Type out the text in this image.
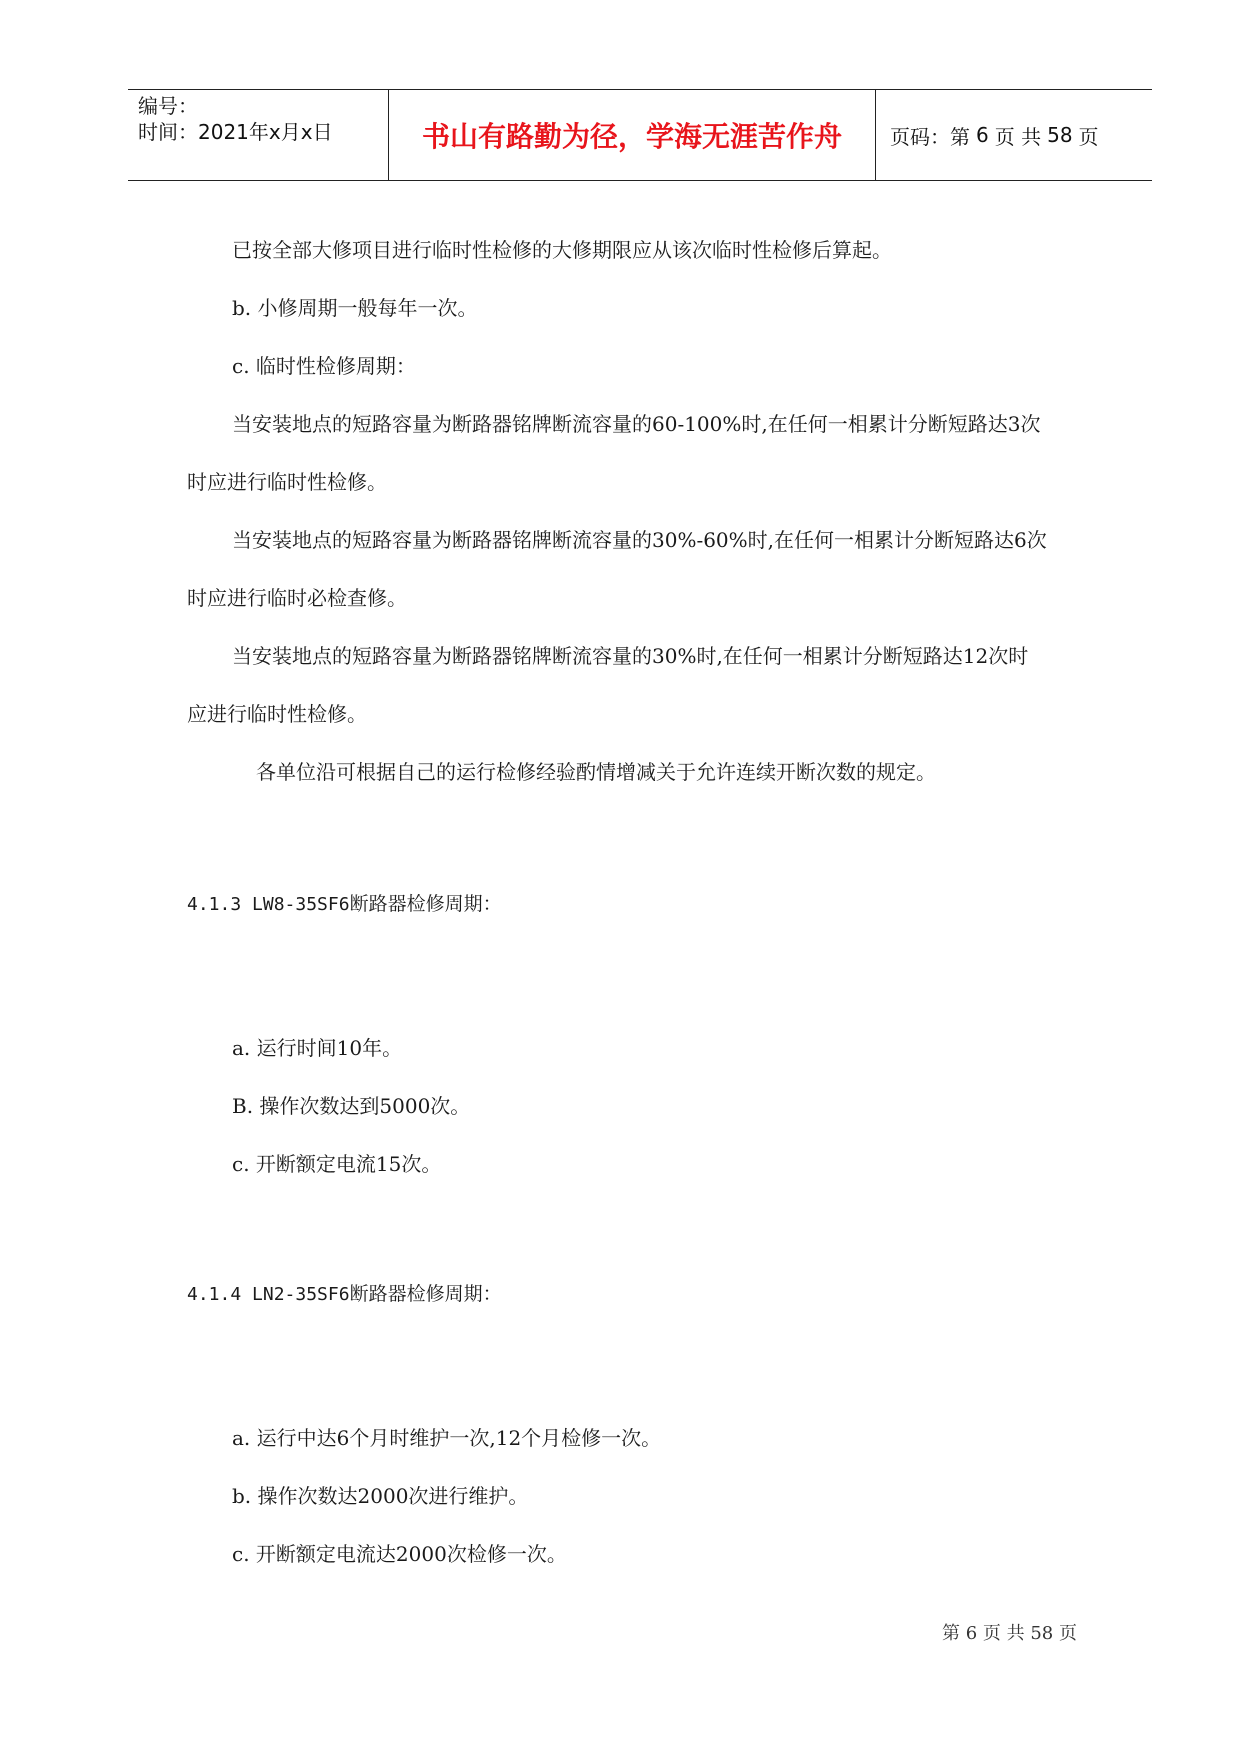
编号：
时间：2021年x月x日	书山有路勤为径，学海无涯苦作舟	页码：第 6 页 共 58 页
已按全部大修项目进行临时性检修的大修期限应从该次临时性检修后算起。
b. 小修周期一般每年一次。
c. 临时性检修周期：
当安装地点的短路容量为断路器铭牌断流容量的60-100%时,在任何一相累计分断短路达3次
时应进行临时性检修。
当安装地点的短路容量为断路器铭牌断流容量的30%-60%时,在任何一相累计分断短路达6次
时应进行临时必检查修。
当安装地点的短路容量为断路器铭牌断流容量的30%时,在任何一相累计分断短路达12次时
应进行临时性检修。
各单位沿可根据自己的运行检修经验酌情增减关于允许连续开断次数的规定。
4.1.3 LW8-35SF6断路器检修周期：
a. 运行时间10年。
B. 操作次数达到5000次。
c. 开断额定电流15次。
4.1.4 LN2-35SF6断路器检修周期：
a. 运行中达6个月时维护一次,12个月检修一次。
b. 操作次数达2000次进行维护。
c. 开断额定电流达2000次检修一次。
第 6 页 共 58 页
